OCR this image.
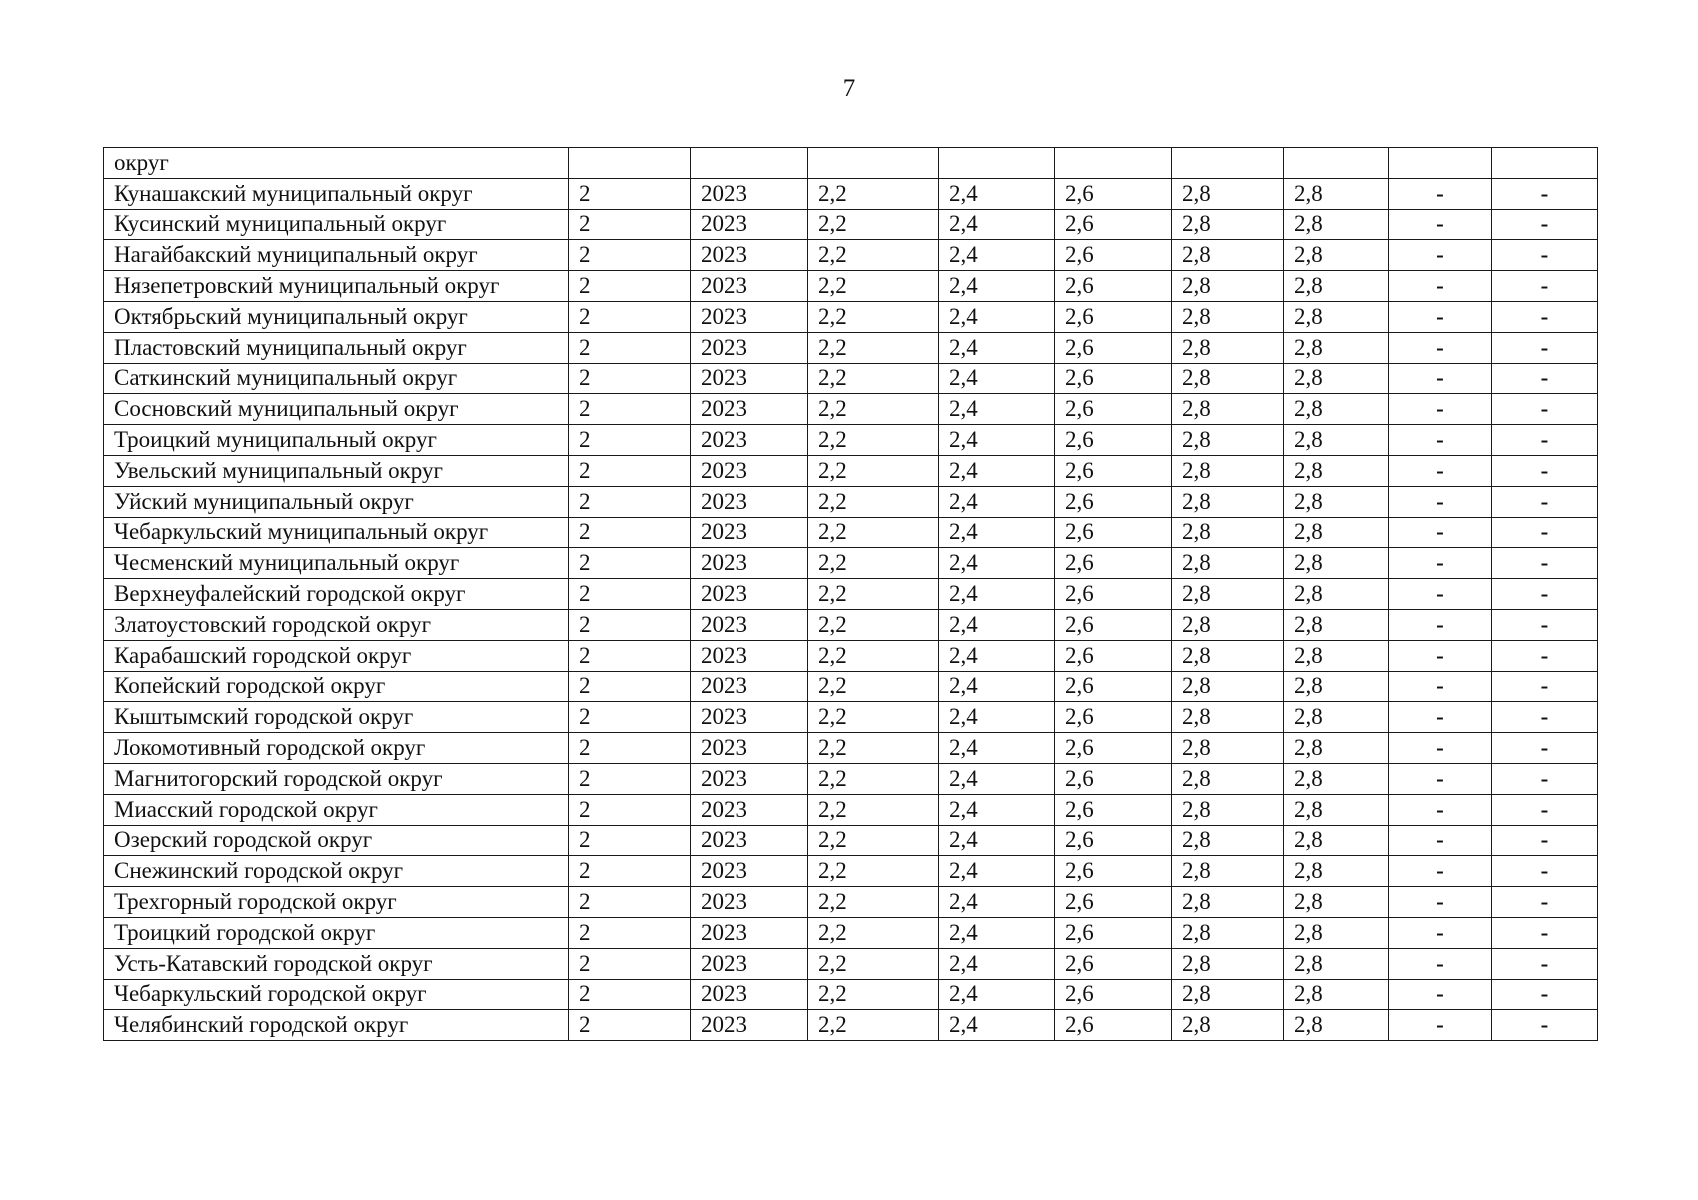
7
округ									
Кунашакский муниципальный округ	2	2023	2,2	2,4	2,6	2,8	2,8	-	-
Кусинский муниципальный округ	2	2023	2,2	2,4	2,6	2,8	2,8	-	-
Нагайбакский муниципальный округ	2	2023	2,2	2,4	2,6	2,8	2,8	-	-
Нязепетровский муниципальный округ	2	2023	2,2	2,4	2,6	2,8	2,8	-	-
Октябрьский муниципальный округ	2	2023	2,2	2,4	2,6	2,8	2,8	-	-
Пластовский муниципальный округ	2	2023	2,2	2,4	2,6	2,8	2,8	-	-
Саткинский муниципальный округ	2	2023	2,2	2,4	2,6	2,8	2,8	-	-
Сосновский муниципальный округ	2	2023	2,2	2,4	2,6	2,8	2,8	-	-
Троицкий муниципальный округ	2	2023	2,2	2,4	2,6	2,8	2,8	-	-
Увельский муниципальный округ	2	2023	2,2	2,4	2,6	2,8	2,8	-	-
Уйский муниципальный округ	2	2023	2,2	2,4	2,6	2,8	2,8	-	-
Чебаркульский муниципальный округ	2	2023	2,2	2,4	2,6	2,8	2,8	-	-
Чесменский муниципальный округ	2	2023	2,2	2,4	2,6	2,8	2,8	-	-
Верхнеуфалейский городской округ	2	2023	2,2	2,4	2,6	2,8	2,8	-	-
Златоустовский городской округ	2	2023	2,2	2,4	2,6	2,8	2,8	-	-
Карабашский городской округ	2	2023	2,2	2,4	2,6	2,8	2,8	-	-
Копейский городской округ	2	2023	2,2	2,4	2,6	2,8	2,8	-	-
Кыштымский городской округ	2	2023	2,2	2,4	2,6	2,8	2,8	-	-
Локомотивный городской округ	2	2023	2,2	2,4	2,6	2,8	2,8	-	-
Магнитогорский городской округ	2	2023	2,2	2,4	2,6	2,8	2,8	-	-
Миасский городской округ	2	2023	2,2	2,4	2,6	2,8	2,8	-	-
Озерский городской округ	2	2023	2,2	2,4	2,6	2,8	2,8	-	-
Снежинский городской округ	2	2023	2,2	2,4	2,6	2,8	2,8	-	-
Трехгорный городской округ	2	2023	2,2	2,4	2,6	2,8	2,8	-	-
Троицкий городской округ	2	2023	2,2	2,4	2,6	2,8	2,8	-	-
Усть-Катавский городской округ	2	2023	2,2	2,4	2,6	2,8	2,8	-	-
Чебаркульский городской округ	2	2023	2,2	2,4	2,6	2,8	2,8	-	-
Челябинский городской округ	2	2023	2,2	2,4	2,6	2,8	2,8	-	-
